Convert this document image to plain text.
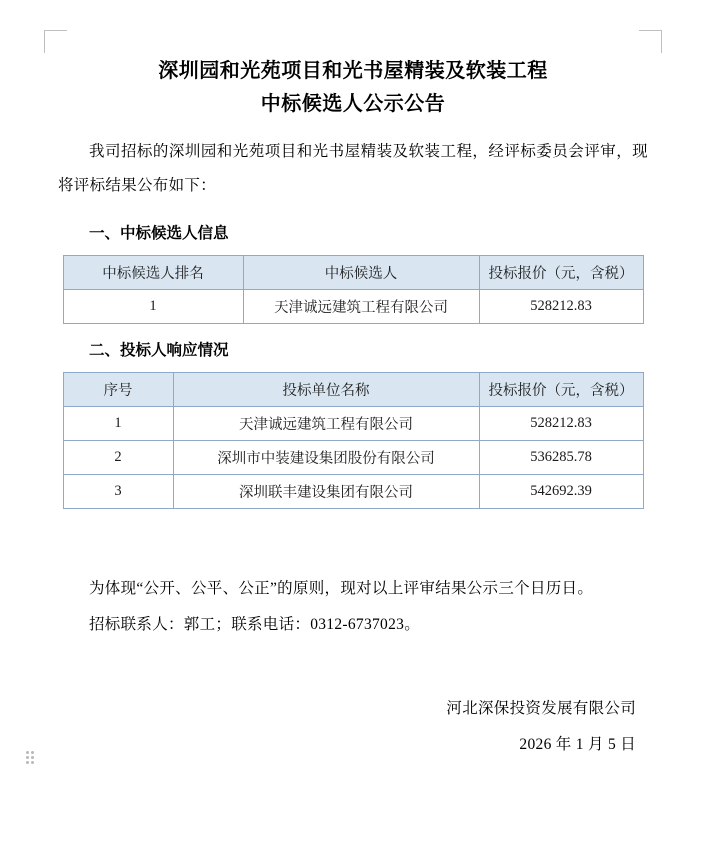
深圳园和光苑项目和光书屋精装及软装工程
中标候选人公示公告

我司招标的深圳园和光苑项目和光书屋精装及软装工程，经评标委员会评审，现将评标结果公布如下：

一、中标候选人信息
中标候选人排名	中标候选人	投标报价（元，含税）
1	天津诚远建筑工程有限公司	528212.83
二、投标人响应情况
序号	投标单位名称	投标报价（元，含税）
1	天津诚远建筑工程有限公司	528212.83
2	深圳市中装建设集团股份有限公司	536285.78
3	深圳联丰建设集团有限公司	542692.39
为体现“公开、公平、公正”的原则，现对以上评审结果公示三个日历日。
招标联系人：郭工；联系电话：0312-6737023。
河北深保投资发展有限公司
2026 年 1 月 5 日
